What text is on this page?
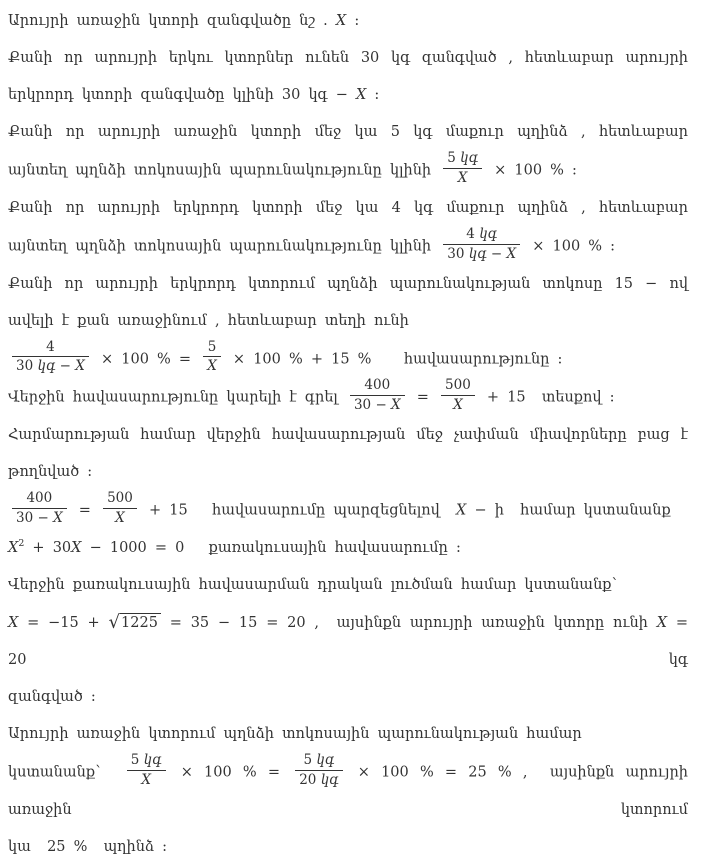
Արույրի առաջին կտորի զանգվածը նշ . X ։
Քանի որ արույրի երկու կտորներ ունեն 30 կգ զանգված , հետևաբար արույրի
երկրորդ կտորի զանգվածը կլինի 30 կգ − X ։
Քանի որ արույրի առաջին կտորի մեջ կա 5 կգ մաքուր պղինձ , հետևաբար
այնտեղ պղնձի տոկոսային պարունակությունը կլինի $\frac{\text{5 կգ}}{X} \times 100$ % ։
Քանի որ արույրի երկրորդ կտորի մեջ կա 4 կգ մաքուր պղինձ , հետևաբար
այնտեղ պղնձի տոկոսային պարունակությունը կլինի $\frac{\text{4 կգ}}{\text{30 կգ − X}} \times 100$ % ։
Քանի որ արույրի երկրորդ կտորում պղնձի պարունակության տոկոսը 15 − ով
ավելի է քան առաջինում , հետևաբար տեղի ունի
$\frac{4}{\text{30 կգ − X}} \times 100$ % = $\frac{5}{X} \times 100$ % + 15 %    հավասարությունը ։
Վերջին հավասարությունը կարելի է գրել $\frac{400}{30 - X} = \frac{500}{X} + 15$  տեսքով ։
Հարմարության համար վերջին հավասարության մեջ չափման միավորները բաց է
թողնված ։
$\frac{400}{30 - X} = \frac{500}{X} + 15$   հավասարումը պարզեցնելով  X − ի  համար կստանանք
$X^2 + 30X - 1000 = 0$   քառակուսային հավասարումը ։
Վերջին քառակուսային հավասարման դրական լուծման համար կստանանք՝
X = −15 + √1225 = 35 − 15 = 20 ,  այսինքն արույրի առաջին կտորը ունի X = 20 կգ
զանգված ։
Արույրի առաջին կտորում պղնձի տոկոսային պարունակության համար
կստանանք՝ $\frac{\text{5 կգ}}{X} \times 100$ % = $\frac{\text{5 կգ}}{\text{20 կգ}} \times 100$ % = 25 % ,  այսինքն արույրի առաջին կտորում
կա  25 %  պղինձ ։
